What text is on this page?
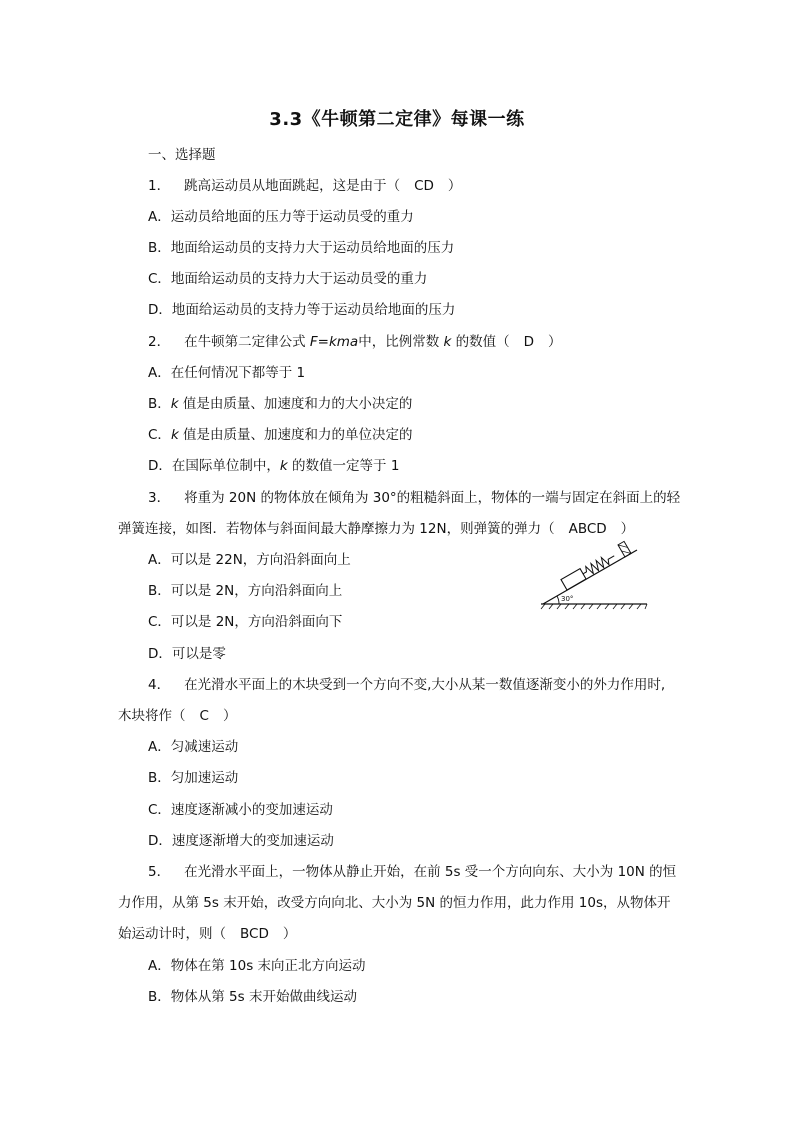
3.3《牛顿第二定律》每课一练
一、选择题
1． 跳高运动员从地面跳起，这是由于（ CD ）
A．运动员给地面的压力等于运动员受的重力
B．地面给运动员的支持力大于运动员给地面的压力
C．地面给运动员的支持力大于运动员受的重力
D．地面给运动员的支持力等于运动员给地面的压力
2． 在牛顿第二定律公式 F=kma中，比例常数 k 的数值（ D ）
A．在任何情况下都等于 1
B．k 值是由质量、加速度和力的大小决定的
C．k 值是由质量、加速度和力的单位决定的
D．在国际单位制中，k 的数值一定等于 1
3． 将重为 20N 的物体放在倾角为 30°的粗糙斜面上，物体的一端与固定在斜面上的轻
弹簧连接，如图．若物体与斜面间最大静摩擦力为 12N，则弹簧的弹力（ ABCD ）
A．可以是 22N，方向沿斜面向上
B．可以是 2N，方向沿斜面向上
C．可以是 2N，方向沿斜面向下
D．可以是零
30°
4． 在光滑水平面上的木块受到一个方向不变,大小从某一数值逐渐变小的外力作用时,
木块将作（ C ）
A．匀减速运动
B．匀加速运动
C．速度逐渐减小的变加速运动
D．速度逐渐增大的变加速运动
5． 在光滑水平面上，一物体从静止开始，在前 5s 受一个方向向东、大小为 10N 的恒
力作用，从第 5s 末开始，改受方向向北、大小为 5N 的恒力作用，此力作用 10s，从物体开
始运动计时，则（ BCD ）
A．物体在第 10s 末向正北方向运动
B．物体从第 5s 末开始做曲线运动
